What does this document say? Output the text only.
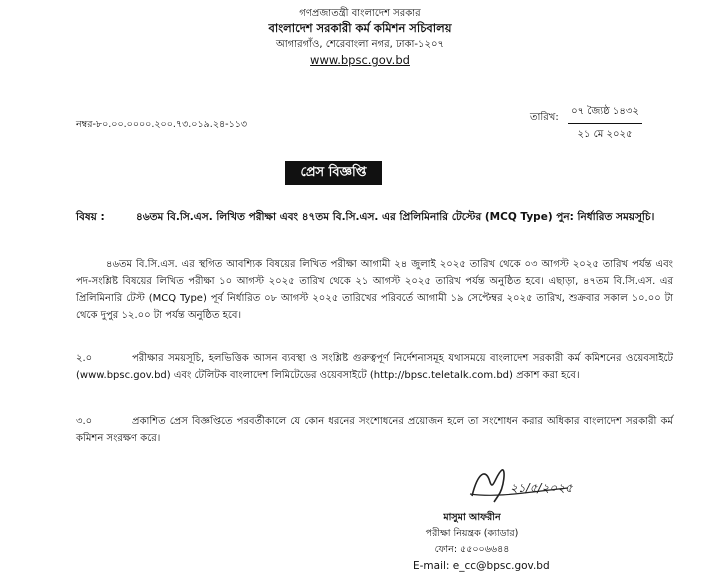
গণপ্রজাতন্ত্রী বাংলাদেশ সরকার
বাংলাদেশ সরকারী কর্ম কমিশন সচিবালয়
আগারগাঁও, শেরেবাংলা নগর, ঢাকা-১২০৭
www.bpsc.gov.bd
নম্বর-৮০.০০.০০০০.২০০.৭৩.০১৯.২৪-১১৩
তারিখ:
০৭ জ্যৈষ্ঠ ১৪৩২
২১ মে ২০২৫
প্রেস বিজ্ঞপ্তি
বিষয় :	৪৬তম বি.সি.এস. লিখিত পরীক্ষা এবং ৪৭তম বি.সি.এস. এর প্রিলিমিনারি টেস্টের (MCQ Type) পুন: নির্ধারিত সময়সূচি।
৪৬তম বি.সি.এস. এর স্থগিত আবশ্যিক বিষয়ের লিখিত পরীক্ষা আগামী ২৪ জুলাই ২০২৫ তারিখ থেকে ০৩ আগস্ট ২০২৫ তারিখ পর্যন্ত এবং পদ-সংশ্লিষ্ট বিষয়ের লিখিত পরীক্ষা ১০ আগস্ট ২০২৫ তারিখ থেকে ২১ আগস্ট ২০২৫ তারিখ পর্যন্ত অনুষ্ঠিত হবে। এছাড়া, ৪৭তম বি.সি.এস. এর প্রিলিমিনারি টেস্ট (MCQ Type) পূর্ব নির্ধারিত ০৮ আগস্ট ২০২৫ তারিখের পরিবর্তে আগামী ১৯ সেপ্টেম্বর ২০২৫ তারিখ, শুক্রবার সকাল ১০.০০ টা থেকে দুপুর ১২.০০ টা পর্যন্ত অনুষ্ঠিত হবে।
২.০	পরীক্ষার সময়সূচি, হলভিত্তিক আসন ব্যবস্থা ও সংশ্লিষ্ট গুরুত্বপূর্ণ নির্দেশনাসমূহ যথাসময়ে বাংলাদেশ সরকারী কর্ম কমিশনের ওয়েবসাইটে (www.bpsc.gov.bd) এবং টেলিটক বাংলাদেশ লিমিটেডের ওয়েবসাইটে (http://bpsc.teletalk.com.bd) প্রকাশ করা হবে।
৩.০	প্রকাশিত প্রেস বিজ্ঞপ্তিতে পরবর্তীকালে যে কোন ধরনের সংশোধনের প্রয়োজন হলে তা সংশোধন করার অধিকার বাংলাদেশ সরকারী কর্ম কমিশন সংরক্ষণ করে।
২১/৫/২০২৫
মাসুমা আফরীন
পরীক্ষা নিয়ন্ত্রক (ক্যাডার)
ফোন: ৫৫০০৬৬৪৪
E-mail: e_cc@bpsc.gov.bd
